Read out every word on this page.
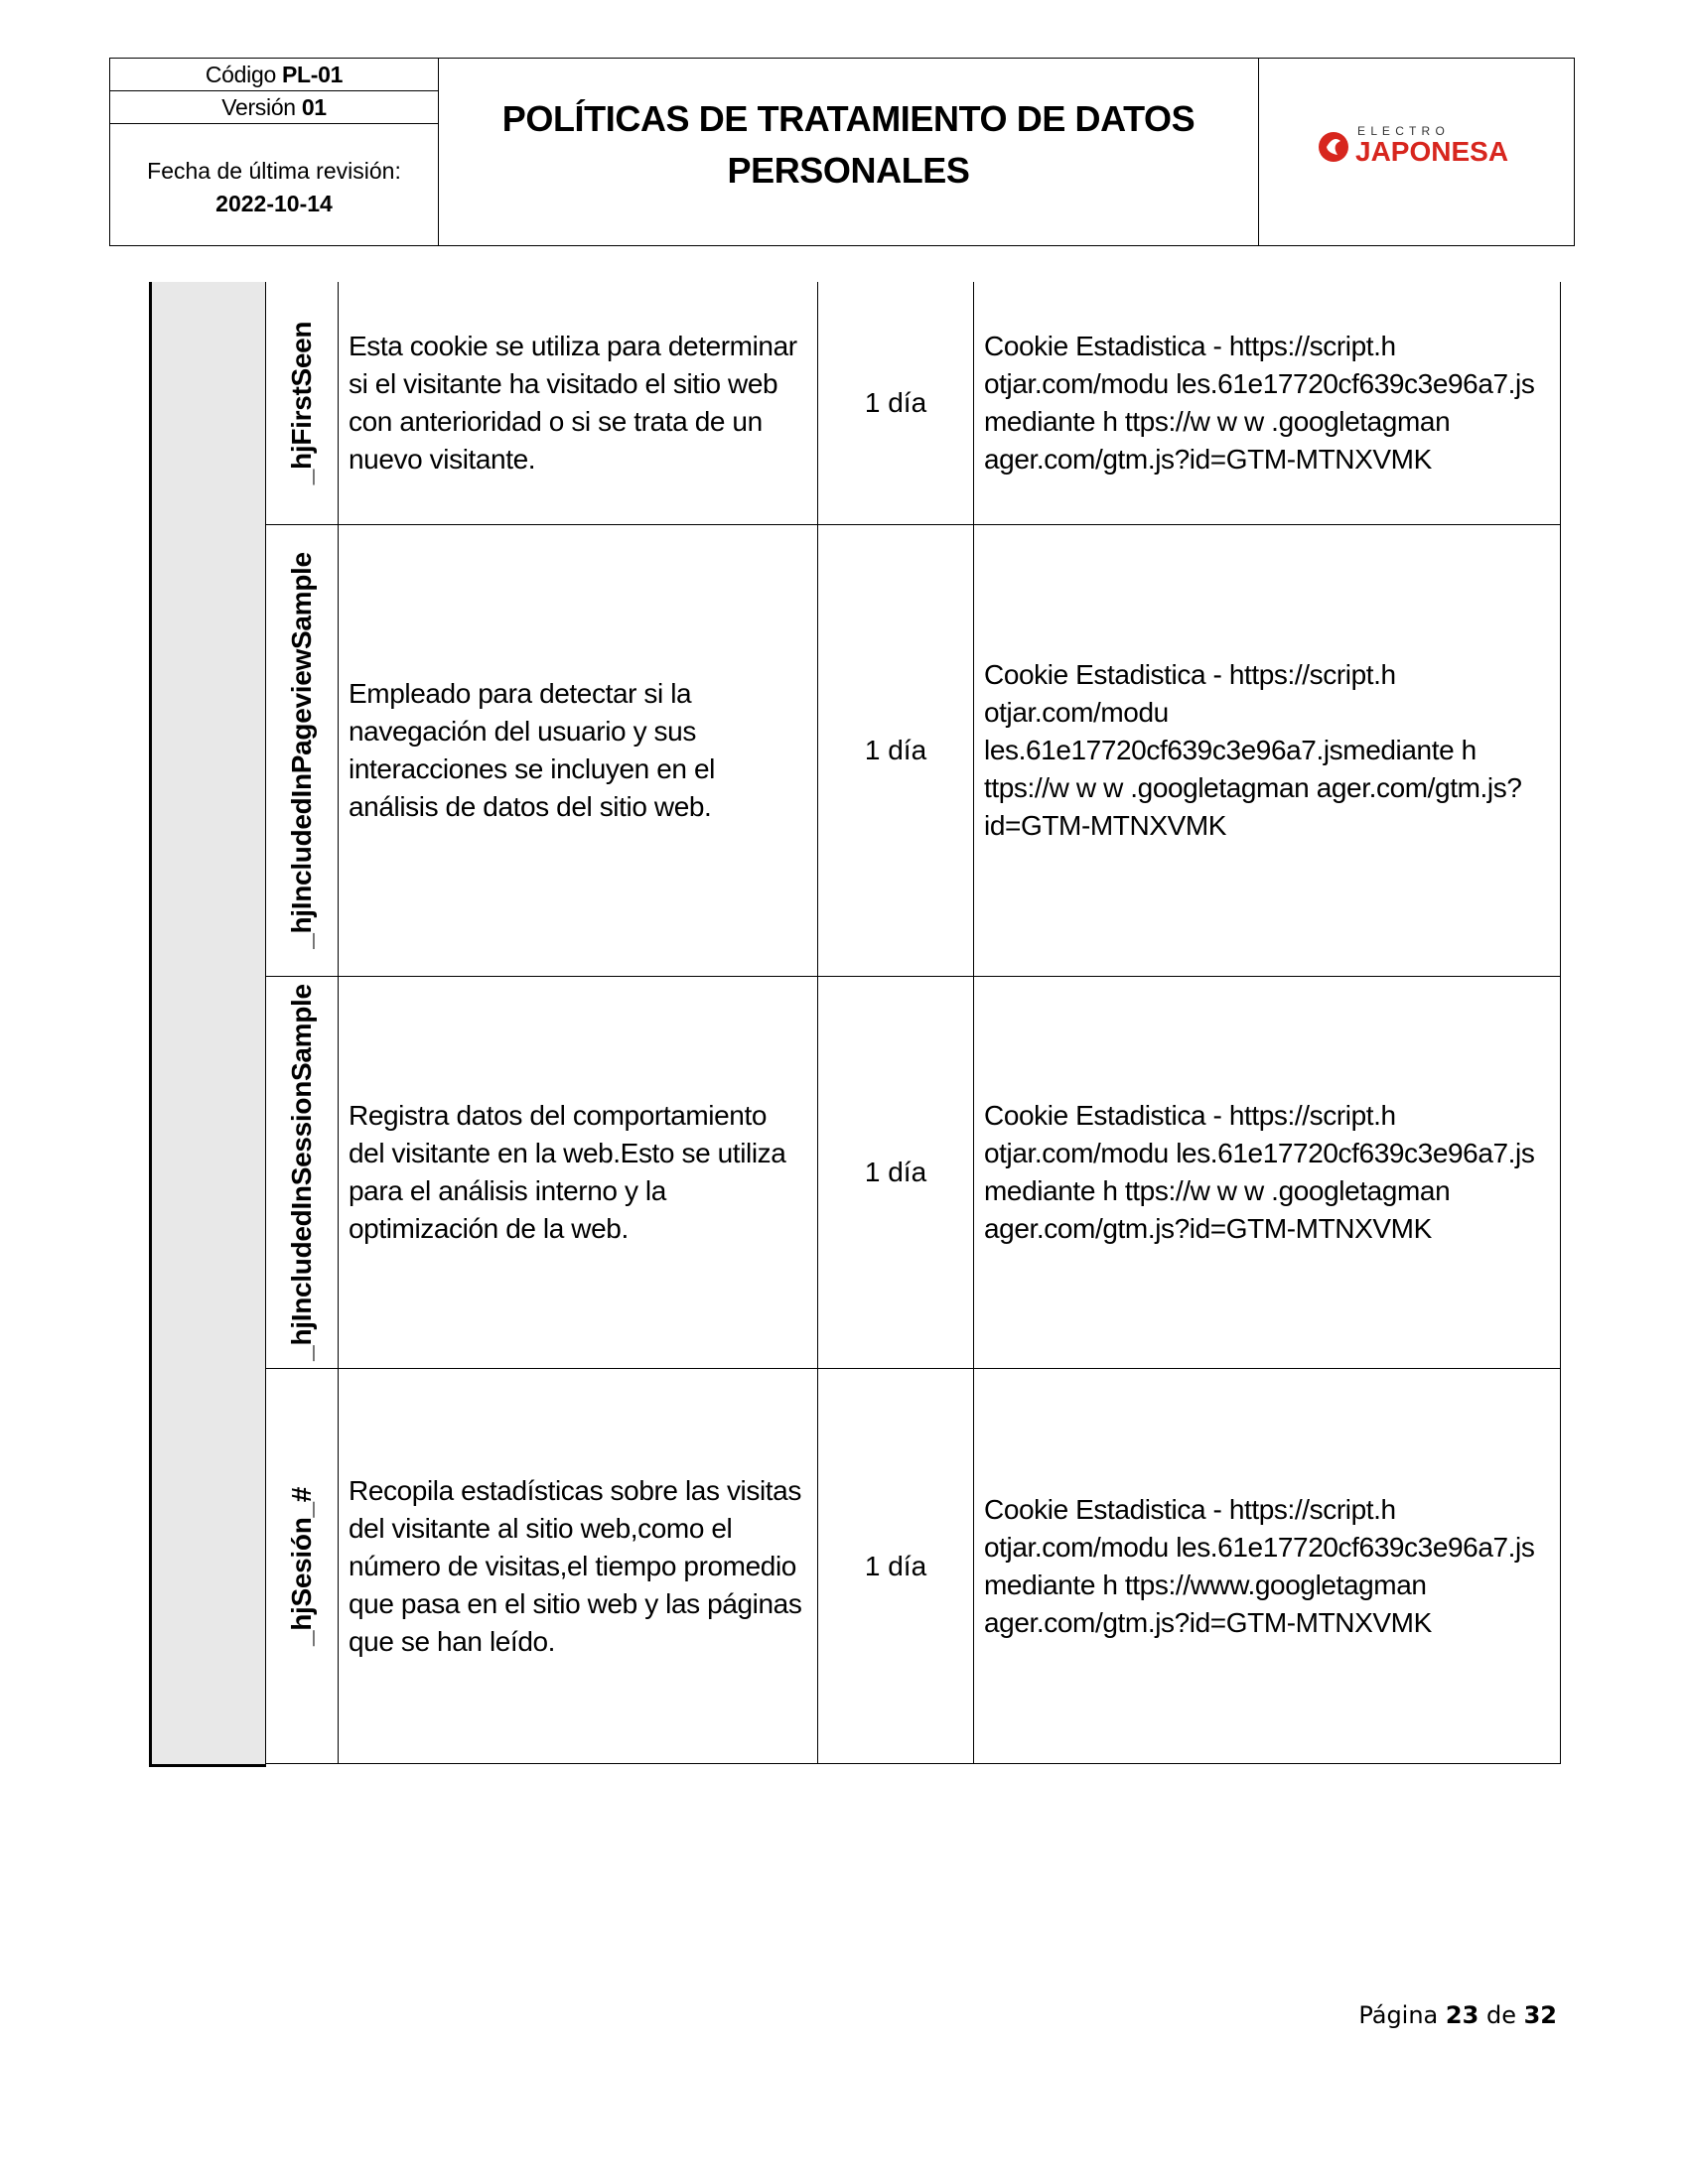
Código PL-01
Versión 01
Fecha de última revisión:
2022-10-14
POLÍTICAS DE TRATAMIENTO DE DATOS
PERSONALES
E L E C T R O
JAPONESA
_hjFirstSeen Esta cookie se utiliza para determinar si el visitante ha visitado el sitio web con anterioridad o si se trata de un nuevo visitante.
1 día
Cookie Estadistica - https://script.h otjar.com/modu les.61e17720cf639c3e96a7.js mediante h ttps://w w w .googletagman ager.com/gtm.js?id=GTM-MTNXVMK
_hjIncludedInPageviewSample Empleado para detectar si la navegación del usuario y sus interacciones se incluyen en el análisis de datos del sitio web.
1 día
Cookie Estadistica - https://script.h otjar.com/modu les.61e17720cf639c3e96a7.jsmediante h ttps://w w w .googletagman ager.com/gtm.js?id=GTM-MTNXVMK
_hjIncludedInSessionSample Registra datos del comportamiento del visitante en la web.Esto se utiliza para el análisis interno y la optimización de la web.
1 día
Cookie Estadistica - https://script.h otjar.com/modu les.61e17720cf639c3e96a7.js mediante h ttps://w w w .googletagman ager.com/gtm.js?id=GTM-MTNXVMK
_hjSesión_# Recopila estadísticas sobre las visitas del visitante al sitio web,como el número de visitas,el tiempo promedio que pasa en el sitio web y las páginas que se han leído.
1 día
Cookie Estadistica - https://script.h otjar.com/modu les.61e17720cf639c3e96a7.js mediante h ttps://www.googletagman ager.com/gtm.js?id=GTM-MTNXVMK
Página 23 de 32
